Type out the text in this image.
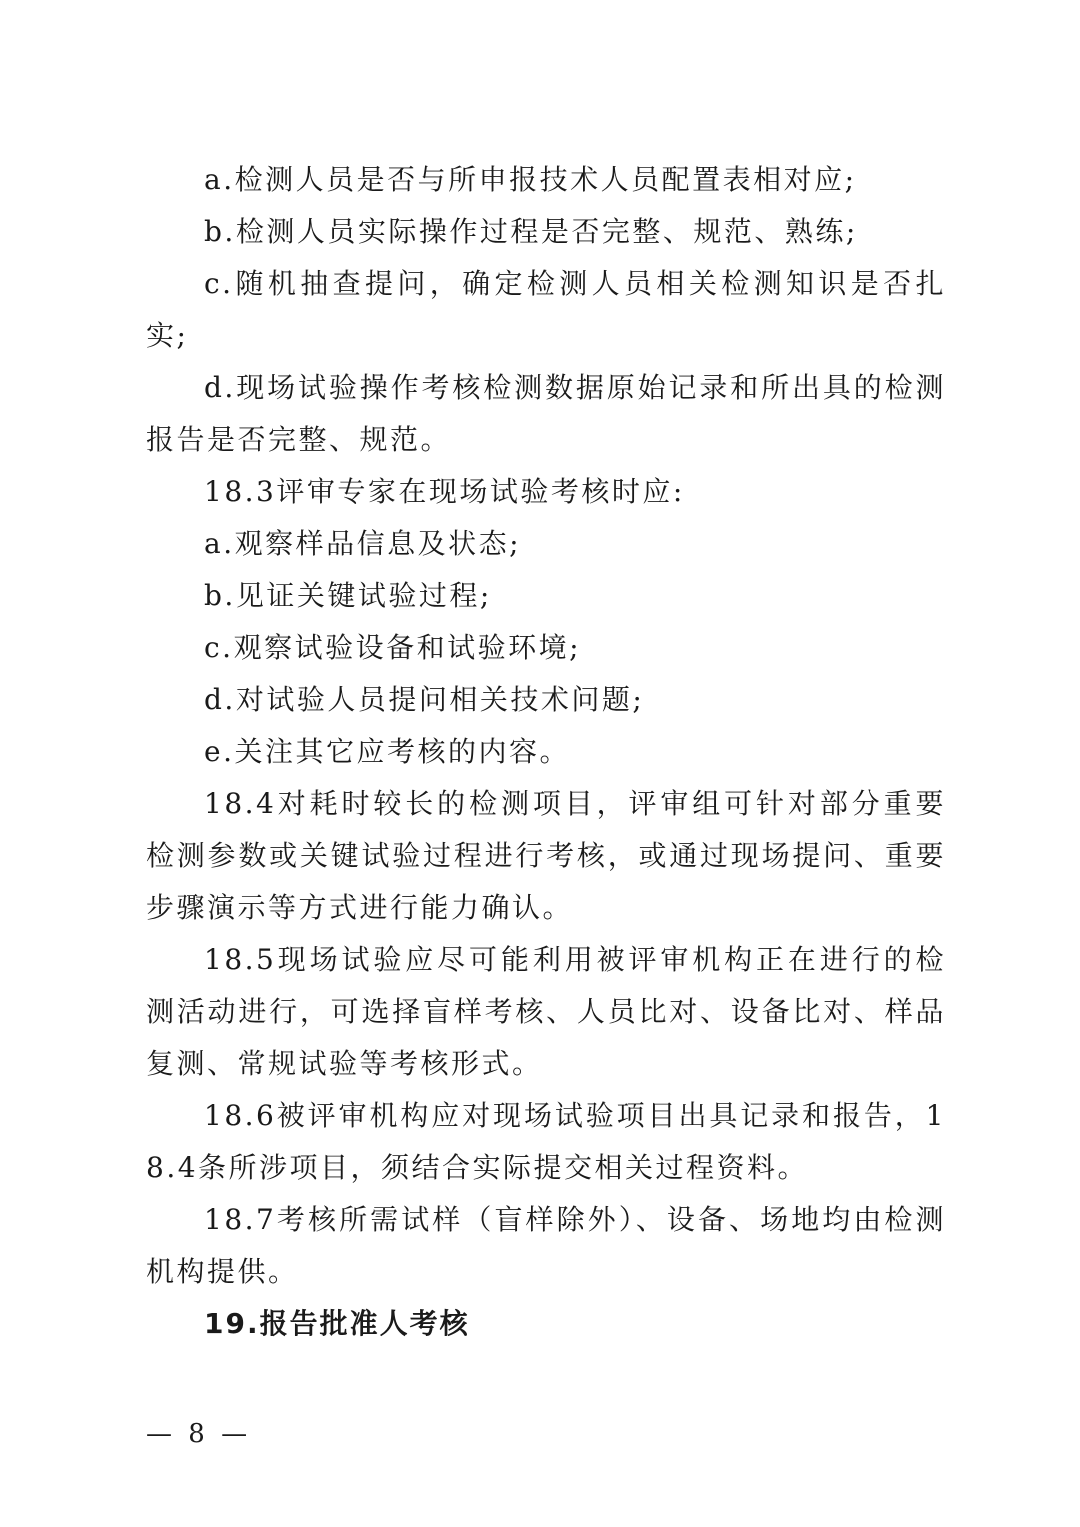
a.检测人员是否与所申报技术人员配置表相对应;

b.检测人员实际操作过程是否完整、规范、熟练;

c.随机抽查提问，确定检测人员相关检测知识是否扎实;

d.现场试验操作考核检测数据原始记录和所出具的检测报告是否完整、规范。

18.3评审专家在现场试验考核时应:

a.观察样品信息及状态;

b.见证关键试验过程;

c.观察试验设备和试验环境;

d.对试验人员提问相关技术问题;

e.关注其它应考核的内容。

18.4对耗时较长的检测项目，评审组可针对部分重要检测参数或关键试验过程进行考核，或通过现场提问、重要步骤演示等方式进行能力确认。

18.5现场试验应尽可能利用被评审机构正在进行的检测活动进行，可选择盲样考核、人员比对、设备比对、样品复测、常规试验等考核形式。

18.6被评审机构应对现场试验项目出具记录和报告，18.4条所涉项目，须结合实际提交相关过程资料。

18.7考核所需试样（盲样除外）、设备、场地均由检测机构提供。

19.报告批准人考核

— 8 —
